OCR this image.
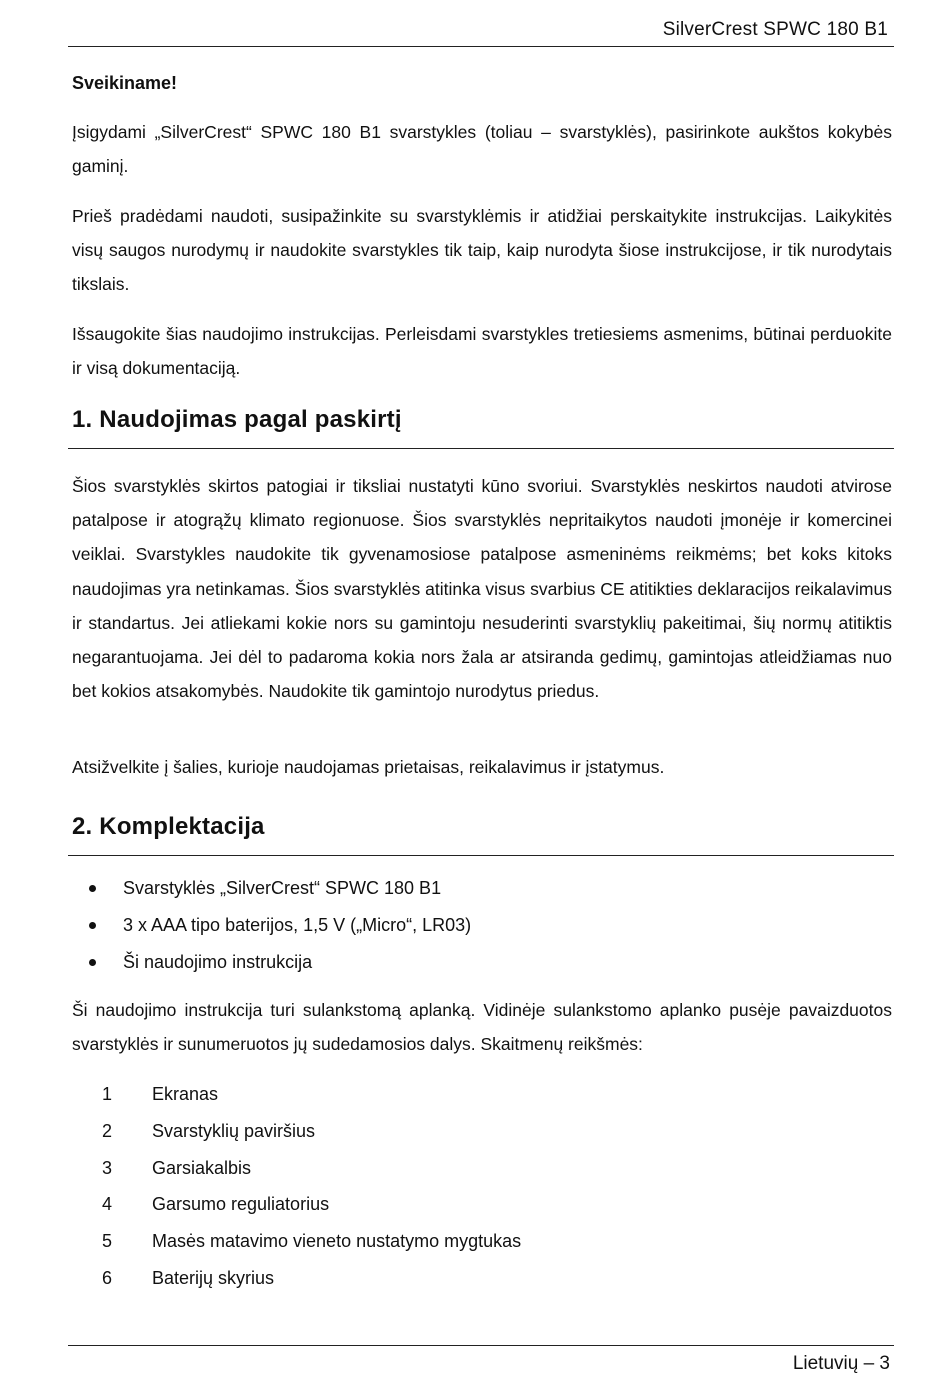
SilverCrest SPWC 180 B1

Sveikiname!

Įsigydami „SilverCrest“ SPWC 180 B1 svarstykles (toliau – svarstyklės), pasirinkote aukštos kokybės gaminį.

Prieš pradėdami naudoti, susipažinkite su svarstyklėmis ir atidžiai perskaitykite instrukcijas. Laikykitės visų saugos nurodymų ir naudokite svarstykles tik taip, kaip nurodyta šiose instrukcijose, ir tik nurodytais tikslais.

Išsaugokite šias naudojimo instrukcijas. Perleisdami svarstykles tretiesiems asmenims, būtinai perduokite ir visą dokumentaciją.

1. Naudojimas pagal paskirtį

Šios svarstyklės skirtos patogiai ir tiksliai nustatyti kūno svoriui. Svarstyklės neskirtos naudoti atvirose patalpose ir atogrąžų klimato regionuose. Šios svarstyklės nepritaikytos naudoti įmonėje ir komercinei veiklai. Svarstykles naudokite tik gyvenamosiose patalpose asmeninėms reikmėms; bet koks kitoks naudojimas yra netinkamas. Šios svarstyklės atitinka visus svarbius CE atitikties deklaracijos reikalavimus ir standartus. Jei atliekami kokie nors su gamintoju nesuderinti svarstyklių pakeitimai, šių normų atitiktis negarantuojama. Jei dėl to padaroma kokia nors žala ar atsiranda gedimų, gamintojas atleidžiamas nuo bet kokios atsakomybės. Naudokite tik gamintojo nurodytus priedus.

Atsižvelkite į šalies, kurioje naudojamas prietaisas, reikalavimus ir įstatymus.

2. Komplektacija
Svarstyklės „SilverCrest“ SPWC 180 B1
3 x AAA tipo baterijos, 1,5 V („Micro“, LR03)
Ši naudojimo instrukcija

Ši naudojimo instrukcija turi sulankstomą aplanką. Vidinėje sulankstomo aplanko pusėje pavaizduotos svarstyklės ir sunumeruotos jų sudedamosios dalys. Skaitmenų reikšmės:

1	Ekranas
2	Svarstyklių paviršius
3	Garsiakalbis
4	Garsumo reguliatorius
5	Masės matavimo vieneto nustatymo mygtukas
6	Baterijų skyrius
Lietuvių – 3
